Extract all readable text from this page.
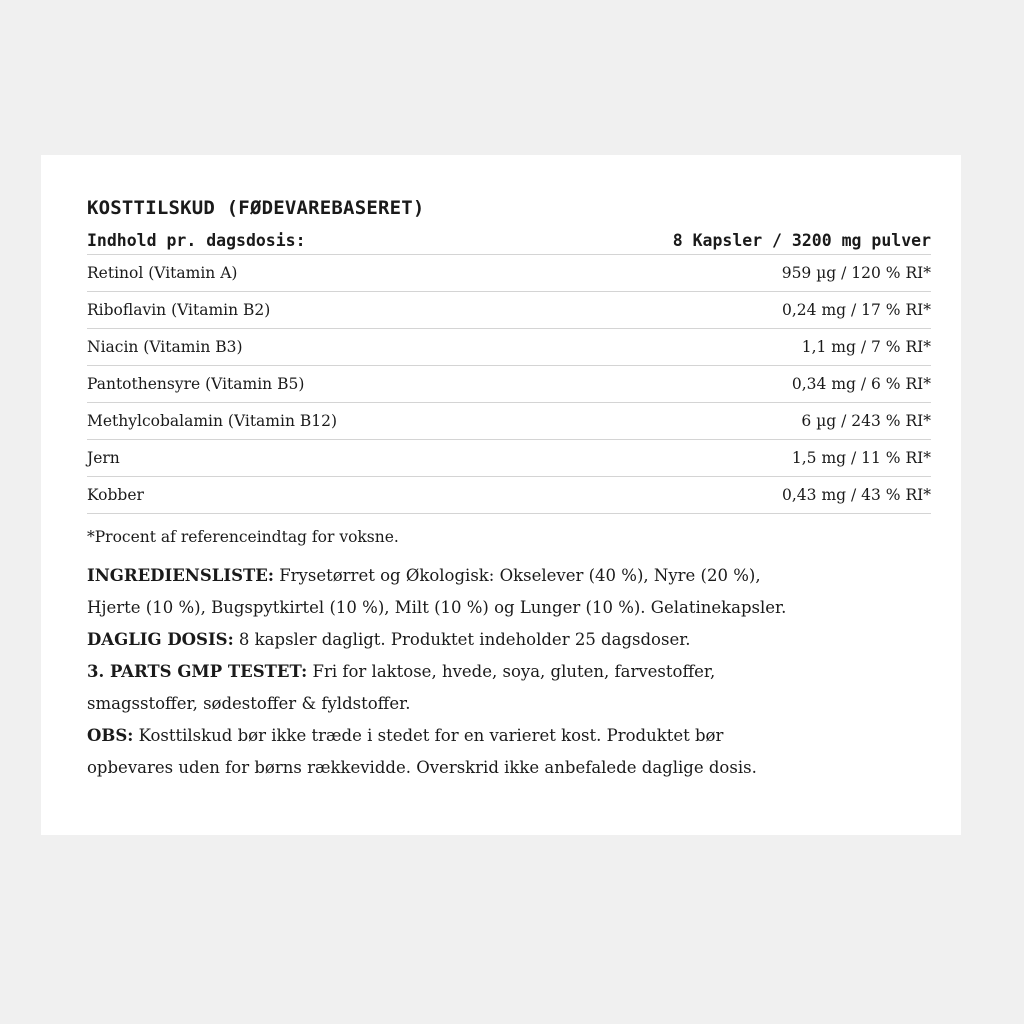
KOSTTILSKUD (FØDEVAREBASERET)
Indhold pr. dagsdosis:	8 Kapsler / 3200 mg pulver
Retinol (Vitamin A)	959 µg / 120 % RI*
Riboflavin (Vitamin B2)	0,24 mg / 17 % RI*
Niacin (Vitamin B3)	1,1 mg / 7 % RI*
Pantothensyre (Vitamin B5)	0,34 mg / 6 % RI*
Methylcobalamin (Vitamin B12)	6 µg / 243 % RI*
Jern	1,5 mg / 11 % RI*
Kobber	0,43 mg / 43 % RI*
*Procent af referenceindtag for voksne.
INGREDIENSLISTE: Frysetørret og Økologisk: Okselever (40 %), Nyre (20 %),
Hjerte (10 %), Bugspytkirtel (10 %), Milt (10 %) og Lunger (10 %). Gelatinekapsler.
DAGLIG DOSIS: 8 kapsler dagligt. Produktet indeholder 25 dagsdoser.
3. PARTS GMP TESTET: Fri for laktose, hvede, soya, gluten, farvestoffer,
smagsstoffer, sødestoffer & fyldstoffer.
OBS: Kosttilskud bør ikke træde i stedet for en varieret kost. Produktet bør
opbevares uden for børns rækkevidde. Overskrid ikke anbefalede daglige dosis.
